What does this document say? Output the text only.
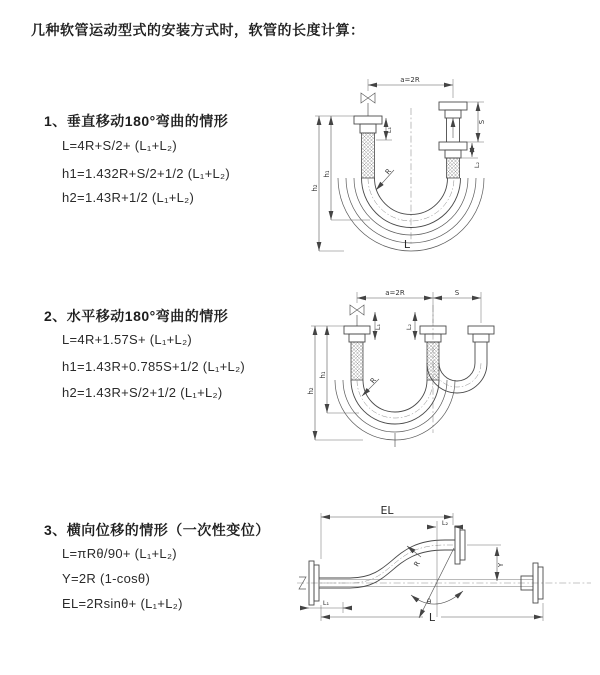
几种软管运动型式的安装方式时，软管的长度计算：
1、垂直移动180°弯曲的情形
L=4R+S/2+ (L₁+L₂)
h1=1.432R+S/2+1/2 (L₁+L₂)
h2=1.43R+1/2 (L₁+L₂)
a=2R
h₂
h₁
L₁
S
L₂
R
L
2、水平移动180°弯曲的情形
L=4R+1.57S+ (L₁+L₂)
h1=1.43R+0.785S+1/2 (L₁+L₂)
h2=1.43R+S/2+1/2 (L₁+L₂)
a=2R	S
h₂
h₁
L₁	L₂
R
3、横向位移的情形（一次性变位）
L=πRθ/90+ (L₁+L₂)
Y=2R (1-cosθ)
EL=2Rsinθ+ (L₁+L₂)	θ
EL
L₂
Y
R
L₁
L
